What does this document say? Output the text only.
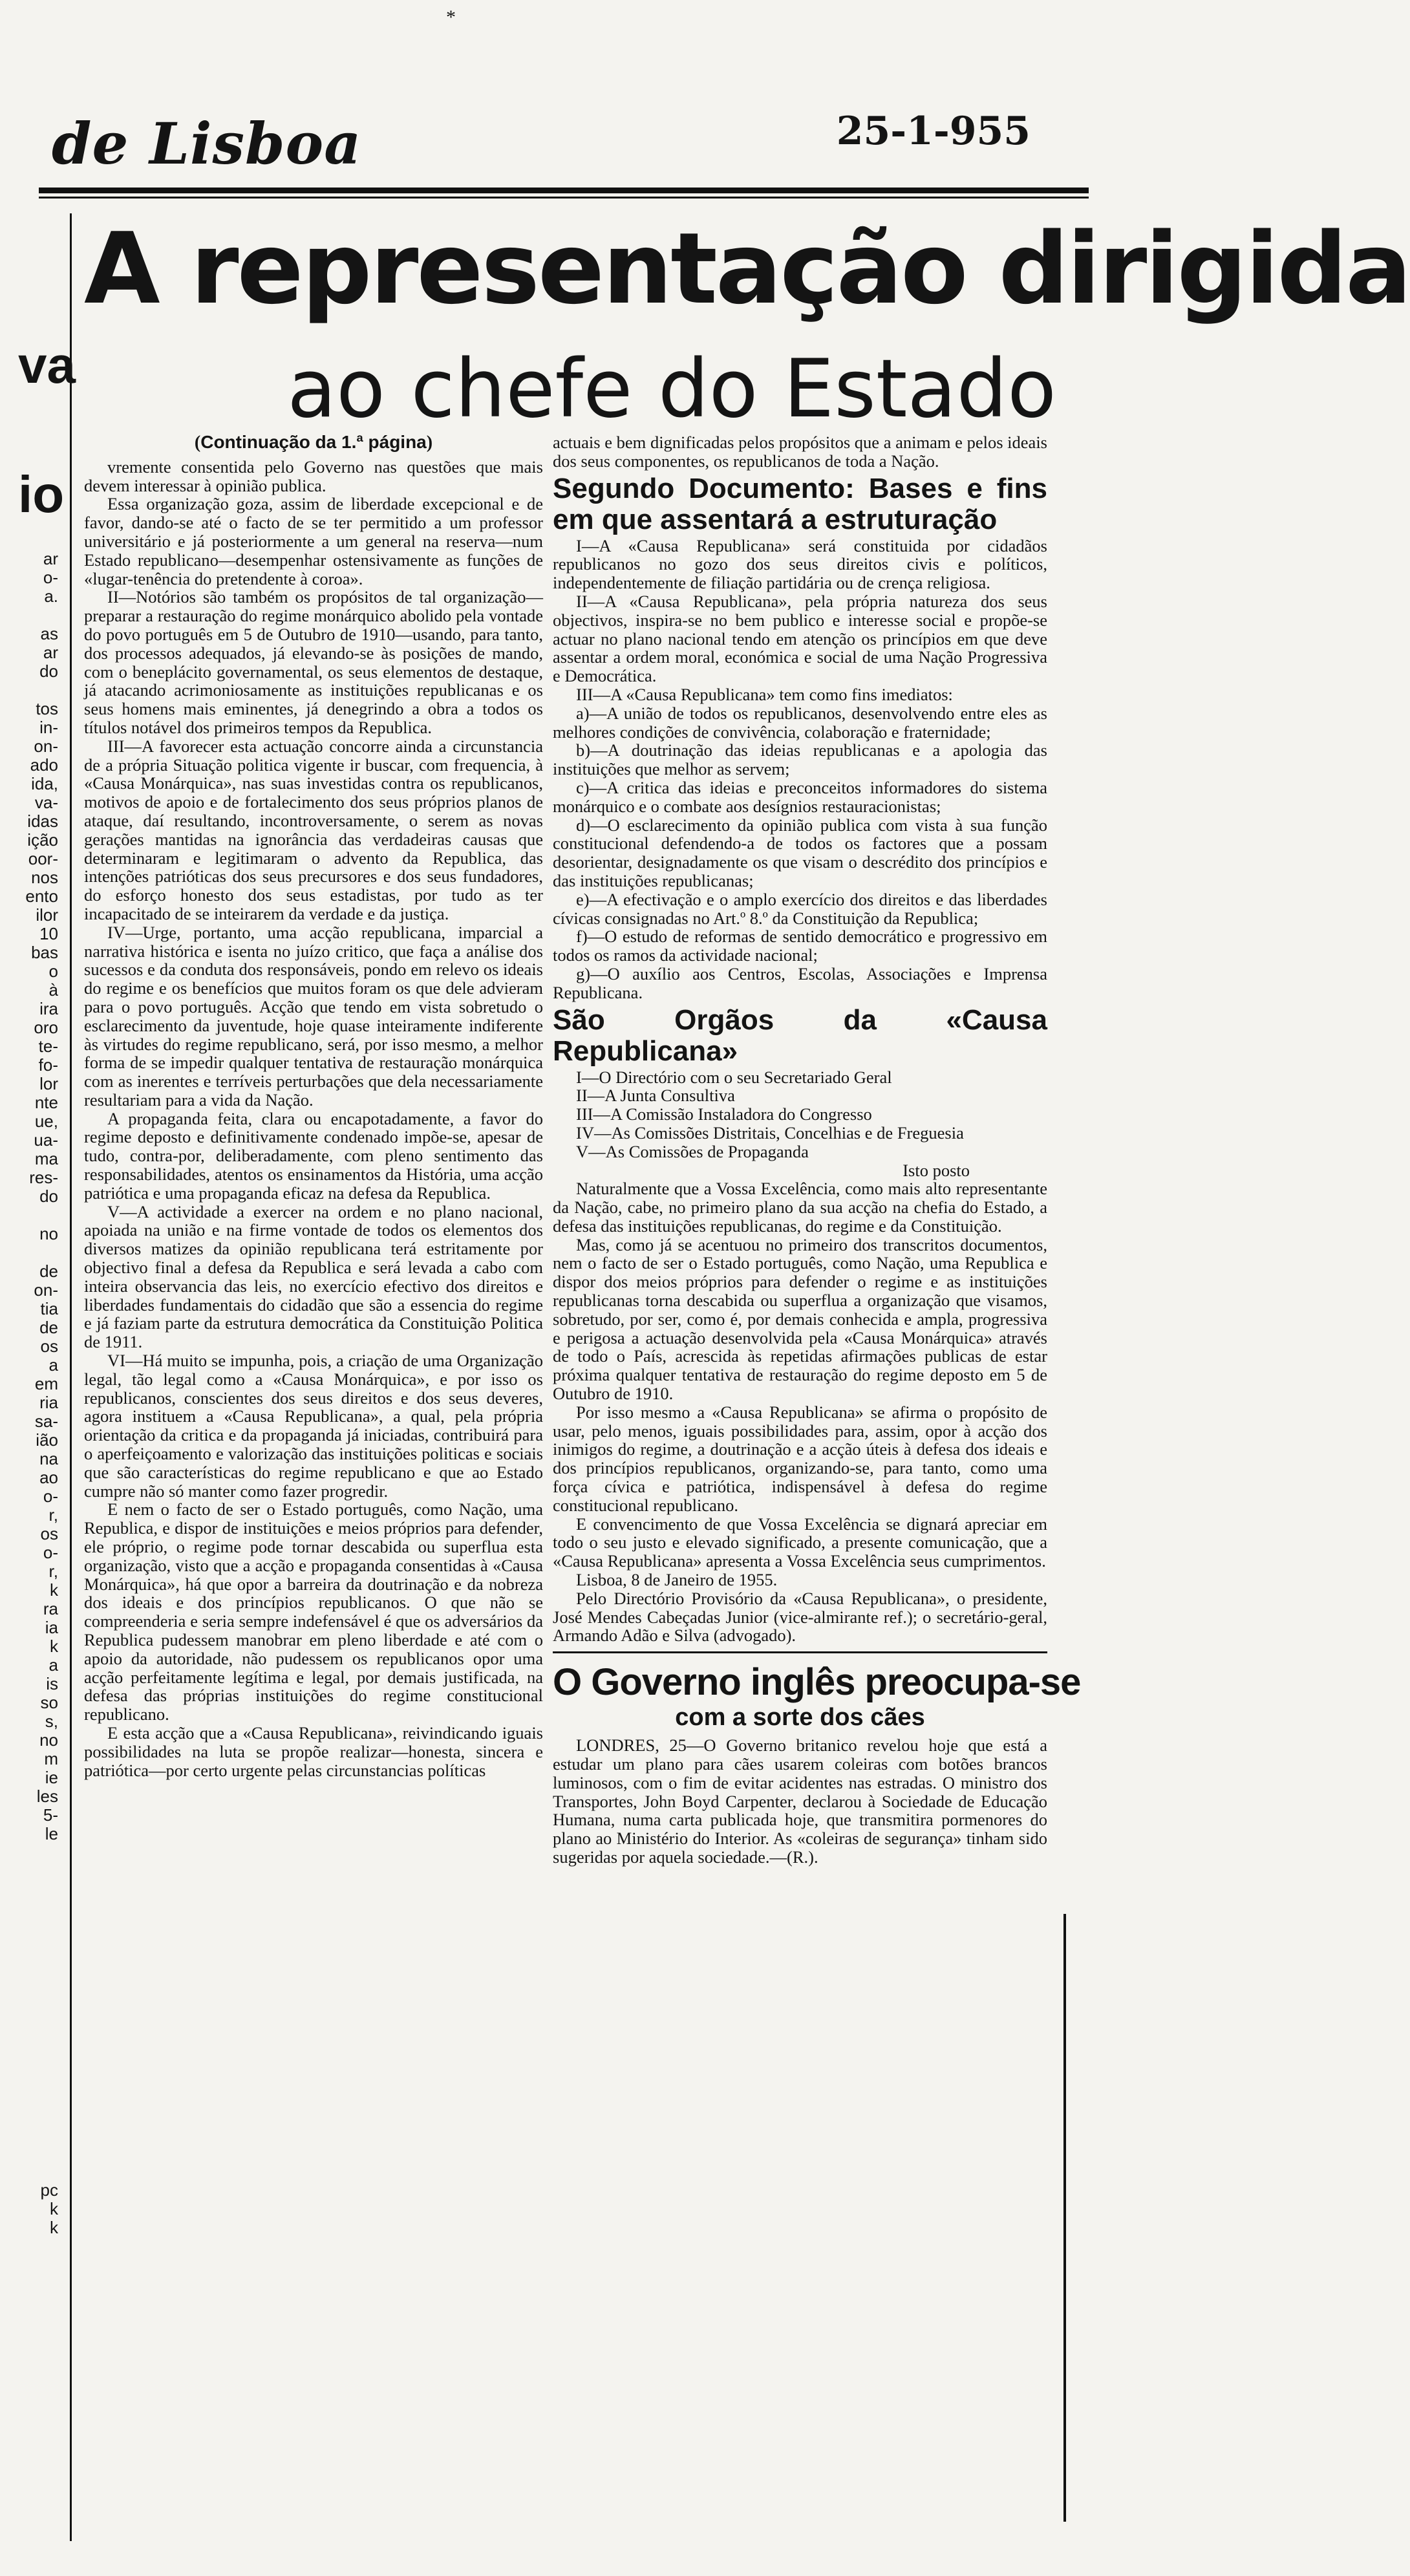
*
de Lisboa	25-1-955
A representação dirigida
ao chefe do Estado
va
io
ar
o-
a.

as
ar
do

tos
in-
on-
ado
ida,
va-
idas
ição
oor-
nos
ento
ilor
10
bas
o
à
ira
oro
te-
fo-
lor
nte
ue,
ua-
ma
res-
do

no

de
on-
tia
de
os
a
em
ria
sa-
ião
na
ao
o-
r,
os
o-
r,
k
ra
ia
k
a
is
so
s,
no
m
ie
les
5-
le

pc
k
k
(Continuação da 1.ª página)

vremente consentida pelo Governo nas questões que mais devem interessar à opinião publica.

Essa organização goza, assim de liberdade excepcional e de favor, dando-se até o facto de se ter permitido a um professor universitário e já posteriormente a um general na reserva—num Estado republicano—desempenhar ostensivamente as funções de «lugar-tenência do pretendente à coroa».

II—Notórios são também os propósitos de tal organização—preparar a restauração do regime monárquico abolido pela vontade do povo português em 5 de Outubro de 1910—usando, para tanto, dos processos adequados, já elevando-se às posições de mando, com o beneplácito governamental, os seus elementos de destaque, já atacando acrimoniosamente as instituições republicanas e os seus homens mais eminentes, já denegrindo a obra a todos os títulos notável dos primeiros tempos da Republica.

III—A favorecer esta actuação concorre ainda a circunstancia de a própria Situação politica vigente ir buscar, com frequencia, à «Causa Monárquica», nas suas investidas contra os republicanos, motivos de apoio e de fortalecimento dos seus próprios planos de ataque, daí resultando, incontroversamente, o serem as novas gerações mantidas na ignorância das verdadeiras causas que determinaram e legitimaram o advento da Republica, das intenções patrióticas dos seus precursores e dos seus fundadores, do esforço honesto dos seus estadistas, por tudo as ter incapacitado de se inteirarem da verdade e da justiça.

IV—Urge, portanto, uma acção republicana, imparcial a narrativa histórica e isenta no juízo critico, que faça a análise dos sucessos e da conduta dos responsáveis, pondo em relevo os ideais do regime e os benefícios que muitos foram os que dele advieram para o povo português. Acção que tendo em vista sobretudo o esclarecimento da juventude, hoje quase inteiramente indiferente às virtudes do regime republicano, será, por isso mesmo, a melhor forma de se impedir qualquer tentativa de restauração monárquica com as inerentes e terríveis perturbações que dela necessariamente resultariam para a vida da Nação.

A propaganda feita, clara ou encapotadamente, a favor do regime deposto e definitivamente condenado impõe-se, apesar de tudo, contra-por, deliberadamente, com pleno sentimento das responsabilidades, atentos os ensinamentos da História, uma acção patriótica e uma propaganda eficaz na defesa da Republica.

V—A actividade a exercer na ordem e no plano nacional, apoiada na união e na firme vontade de todos os elementos dos diversos matizes da opinião republicana terá estritamente por objectivo final a defesa da Republica e será levada a cabo com inteira observancia das leis, no exercício efectivo dos direitos e liberdades fundamentais do cidadão que são a essencia do regime e já faziam parte da estrutura democrática da Constituição Politica de 1911.

VI—Há muito se impunha, pois, a criação de uma Organização legal, tão legal como a «Causa Monárquica», e por isso os republicanos, conscientes dos seus direitos e dos seus deveres, agora instituem a «Causa Republicana», a qual, pela própria orientação da critica e da propaganda já iniciadas, contribuirá para o aperfeiçoamento e valorização das instituições politicas e sociais que são características do regime republicano e que ao Estado cumpre não só manter como fazer progredir.

E nem o facto de ser o Estado português, como Nação, uma Republica, e dispor de instituições e meios próprios para defender, ele próprio, o regime pode tornar descabida ou superflua esta organização, visto que a acção e propaganda consentidas à «Causa Monárquica», há que opor a barreira da doutrinação e da nobreza dos ideais e dos princípios republicanos. O que não se compreenderia e seria sempre indefensável é que os adversários da Republica pudessem manobrar em pleno liberdade e até com o apoio da autoridade, não pudessem os republicanos opor uma acção perfeitamente legítima e legal, por demais justificada, na defesa das próprias instituições do regime constitucional republicano.

E esta acção que a «Causa Republicana», reivindicando iguais possibilidades na luta se propõe realizar—honesta, sincera e patriótica—por certo urgente pelas circunstancias políticas

actuais e bem dignificadas pelos propósitos que a animam e pelos ideais dos seus componentes, os republicanos de toda a Nação.

Segundo Documento: Bases e fins em que assentará a estruturação

I—A «Causa Republicana» será constituida por cidadãos republicanos no gozo dos seus direitos civis e políticos, independentemente de filiação partidária ou de crença religiosa.

II—A «Causa Republicana», pela própria natureza dos seus objectivos, inspira-se no bem publico e interesse social e propõe-se actuar no plano nacional tendo em atenção os princípios em que deve assentar a ordem moral, económica e social de uma Nação Progressiva e Democrática.

III—A «Causa Republicana» tem como fins imediatos:

a)—A união de todos os republicanos, desenvolvendo entre eles as melhores condições de convivência, colaboração e fraternidade;

b)—A doutrinação das ideias republicanas e a apologia das instituições que melhor as servem;

c)—A critica das ideias e preconceitos informadores do sistema monárquico e o combate aos desígnios restauracionistas;

d)—O esclarecimento da opinião publica com vista à sua função constitucional defendendo-a de todos os factores que a possam desorientar, designadamente os que visam o descrédito dos princípios e das instituições republicanas;

e)—A efectivação e o amplo exercício dos direitos e das liberdades cívicas consignadas no Art.º 8.º da Constituição da Republica;

f)—O estudo de reformas de sentido democrático e progressivo em todos os ramos da actividade nacional;

g)—O auxílio aos Centros, Escolas, Associações e Imprensa Republicana.

São Orgãos da «Causa Republicana»

I—O Directório com o seu Secretariado Geral

II—A Junta Consultiva

III—A Comissão Instaladora do Congresso

IV—As Comissões Distritais, Concelhias e de Freguesia

V—As Comissões de Propaganda

Isto posto

Naturalmente que a Vossa Excelência, como mais alto representante da Nação, cabe, no primeiro plano da sua acção na chefia do Estado, a defesa das instituições republicanas, do regime e da Constituição.

Mas, como já se acentuou no primeiro dos transcritos documentos, nem o facto de ser o Estado português, como Nação, uma Republica e dispor dos meios próprios para defender o regime e as instituições republicanas torna descabida ou superflua a organização que visamos, sobretudo, por ser, como é, por demais conhecida e ampla, progressiva e perigosa a actuação desenvolvida pela «Causa Monárquica» através de todo o País, acrescida às repetidas afirmações publicas de estar próxima qualquer tentativa de restauração do regime deposto em 5 de Outubro de 1910.

Por isso mesmo a «Causa Republicana» se afirma o propósito de usar, pelo menos, iguais possibilidades para, assim, opor à acção dos inimigos do regime, a doutrinação e a acção úteis à defesa dos ideais e dos princípios republicanos, organizando-se, para tanto, como uma força cívica e patriótica, indispensável à defesa do regime constitucional republicano.

E convencimento de que Vossa Excelência se dignará apreciar em todo o seu justo e elevado significado, a presente comunicação, que a «Causa Republicana» apresenta a Vossa Excelência seus cumprimentos.

Lisboa, 8 de Janeiro de 1955.

Pelo Directório Provisório da «Causa Republicana», o presidente, José Mendes Cabeçadas Junior (vice-almirante ref.); o secretário-geral, Armando Adão e Silva (advogado).

O Governo inglês preocupa-se
com a sorte dos cães

LONDRES, 25—O Governo britanico revelou hoje que está a estudar um plano para cães usarem coleiras com botões brancos luminosos, com o fim de evitar acidentes nas estradas. O ministro dos Transportes, John Boyd Carpenter, declarou à Sociedade de Educação Humana, numa carta publicada hoje, que transmitira pormenores do plano ao Ministério do Interior. As «coleiras de segurança» tinham sido sugeridas por aquela sociedade.—(R.).
